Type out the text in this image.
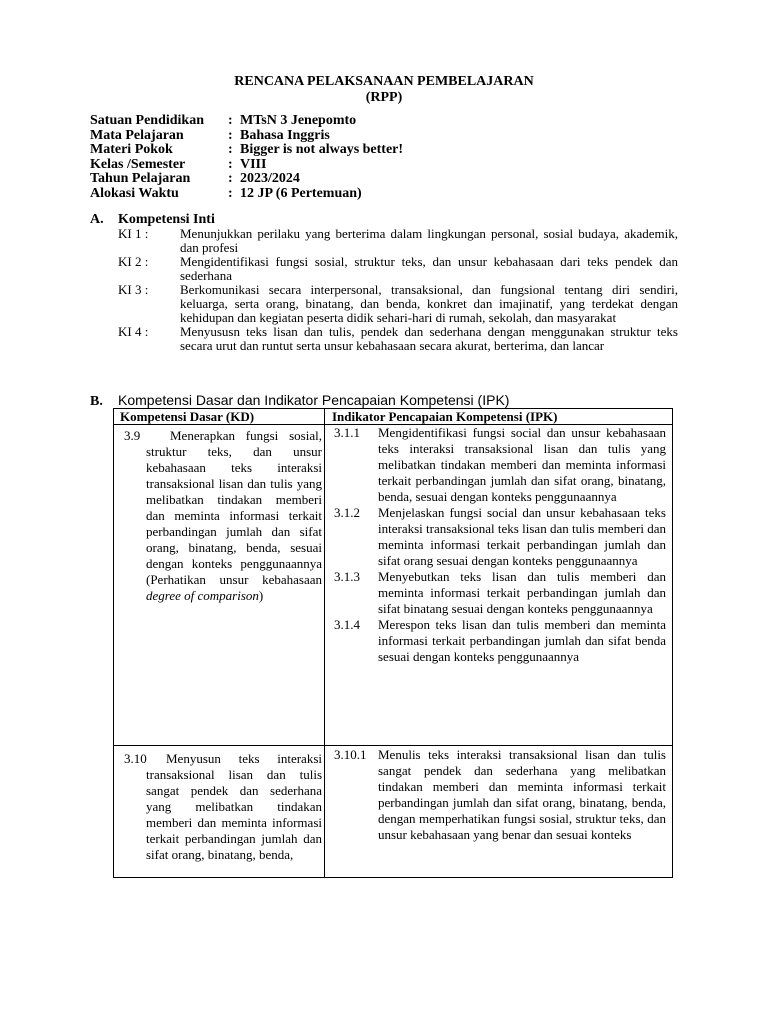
RENCANA PELAKSANAAN PEMBELAJARAN
(RPP)
Satuan Pendidikan	: MTsN 3 Jenepomto
Mata Pelajaran	: Bahasa Inggris
Materi Pokok	: Bigger is not always better!
Kelas /Semester	: VIII
Tahun Pelajaran	: 2023/2024
Alokasi Waktu	: 12 JP (6 Pertemuan)
A. Kompetensi Inti
KI 1 :	Menunjukkan perilaku yang berterima dalam lingkungan personal, sosial budaya, akademik, dan profesi
KI 2 :	Mengidentifikasi fungsi sosial, struktur teks, dan unsur kebahasaan dari teks pendek dan sederhana
KI 3 :	Berkomunikasi secara interpersonal, transaksional, dan fungsional tentang diri sendiri, keluarga, serta orang, binatang, dan benda, konkret dan imajinatif, yang terdekat dengan kehidupan dan kegiatan peserta didik sehari-hari di rumah, sekolah, dan masyarakat
KI 4 :	Menyususn teks lisan dan tulis, pendek dan sederhana dengan menggunakan struktur teks secara urut dan runtut serta unsur kebahasaan secara akurat, berterima, dan lancar
B. Kompetensi Dasar dan Indikator Pencapaian Kompetensi (IPK)
Kompetensi Dasar (KD)	Indikator Pencapaian Kompetensi (IPK)
3.9	Menerapkan fungsi sosial, struktur teks, dan unsur kebahasaan teks interaksi transaksional lisan dan tulis yang melibatkan tindakan memberi dan meminta informasi terkait perbandingan jumlah dan sifat orang, binatang, benda, sesuai dengan konteks penggunaannya (Perhatikan unsur kebahasaan degree of comparison)
3.1.1 Mengidentifikasi fungsi social dan unsur kebahasaan teks interaksi transaksional lisan dan tulis yang melibatkan tindakan memberi dan meminta informasi terkait perbandingan jumlah dan sifat orang, binatang, benda, sesuai dengan konteks penggunaannya
3.1.2 Menjelaskan fungsi social dan unsur kebahasaan teks interaksi transaksional teks lisan dan tulis memberi dan meminta informasi terkait perbandingan jumlah dan sifat orang sesuai dengan konteks penggunaannya
3.1.3 Menyebutkan teks lisan dan tulis memberi dan meminta informasi terkait perbandingan jumlah dan sifat binatang sesuai dengan konteks penggunaannya
3.1.4 Merespon teks lisan dan tulis memberi dan meminta informasi terkait perbandingan jumlah dan sifat benda sesuai dengan konteks penggunaannya
3.10	Menyusun teks interaksi transaksional lisan dan tulis sangat pendek dan sederhana yang melibatkan tindakan memberi dan meminta informasi terkait perbandingan jumlah dan sifat orang, binatang, benda,
3.10.1 Menulis teks interaksi transaksional lisan dan tulis sangat pendek dan sederhana yang melibatkan tindakan memberi dan meminta informasi terkait perbandingan jumlah dan sifat orang, binatang, benda, dengan memperhatikan fungsi sosial, struktur teks, dan unsur kebahasaan yang benar dan sesuai konteks
